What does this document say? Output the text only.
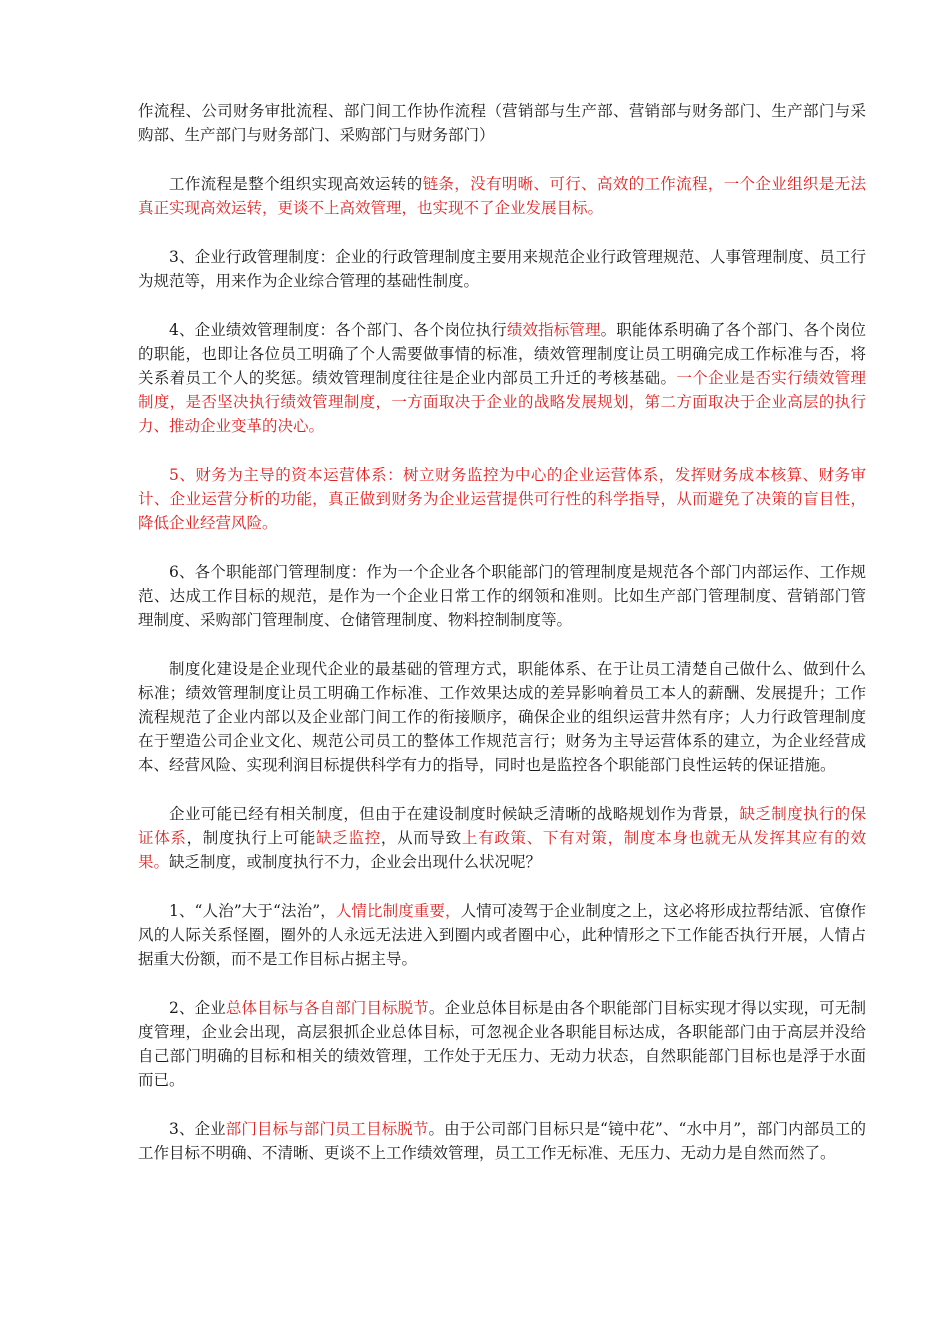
作流程、公司财务审批流程、部门间工作协作流程（营销部与生产部、营销部与财务部门、生产部门与采购部、生产部门与财务部门、采购部门与财务部门）

工作流程是整个组织实现高效运转的链条，没有明晰、可行、高效的工作流程，一个企业组织是无法真正实现高效运转，更谈不上高效管理，也实现不了企业发展目标。

3、企业行政管理制度：企业的行政管理制度主要用来规范企业行政管理规范、人事管理制度、员工行为规范等，用来作为企业综合管理的基础性制度。

4、企业绩效管理制度：各个部门、各个岗位执行绩效指标管理。职能体系明确了各个部门、各个岗位的职能，也即让各位员工明确了个人需要做事情的标准，绩效管理制度让员工明确完成工作标准与否，将关系着员工个人的奖惩。绩效管理制度往往是企业内部员工升迁的考核基础。一个企业是否实行绩效管理制度，是否坚决执行绩效管理制度，一方面取决于企业的战略发展规划，第二方面取决于企业高层的执行力、推动企业变革的决心。

5、财务为主导的资本运营体系：树立财务监控为中心的企业运营体系，发挥财务成本核算、财务审计、企业运营分析的功能，真正做到财务为企业运营提供可行性的科学指导，从而避免了决策的盲目性，降低企业经营风险。

6、各个职能部门管理制度：作为一个企业各个职能部门的管理制度是规范各个部门内部运作、工作规范、达成工作目标的规范，是作为一个企业日常工作的纲领和准则。比如生产部门管理制度、营销部门管理制度、采购部门管理制度、仓储管理制度、物料控制制度等。

制度化建设是企业现代企业的最基础的管理方式，职能体系、在于让员工清楚自己做什么、做到什么标准；绩效管理制度让员工明确工作标准、工作效果达成的差异影响着员工本人的薪酬、发展提升；工作流程规范了企业内部以及企业部门间工作的衔接顺序，确保企业的组织运营井然有序；人力行政管理制度在于塑造公司企业文化、规范公司员工的整体工作规范言行；财务为主导运营体系的建立，为企业经营成本、经营风险、实现利润目标提供科学有力的指导，同时也是监控各个职能部门良性运转的保证措施。

企业可能已经有相关制度，但由于在建设制度时候缺乏清晰的战略规划作为背景，缺乏制度执行的保证体系，制度执行上可能缺乏监控，从而导致上有政策、下有对策，制度本身也就无从发挥其应有的效果。缺乏制度，或制度执行不力，企业会出现什么状况呢？

1、“人治”大于“法治”，人情比制度重要，人情可凌驾于企业制度之上，这必将形成拉帮结派、官僚作风的人际关系怪圈，圈外的人永远无法进入到圈内或者圈中心，此种情形之下工作能否执行开展，人情占据重大份额，而不是工作目标占据主导。

2、企业总体目标与各自部门目标脱节。企业总体目标是由各个职能部门目标实现才得以实现，可无制度管理，企业会出现，高层狠抓企业总体目标，可忽视企业各职能目标达成，各职能部门由于高层并没给自己部门明确的目标和相关的绩效管理，工作处于无压力、无动力状态，自然职能部门目标也是浮于水面而已。

3、企业部门目标与部门员工目标脱节。由于公司部门目标只是“镜中花”、“水中月”，部门内部员工的工作目标不明确、不清晰、更谈不上工作绩效管理，员工工作无标准、无压力、无动力是自然而然了。
